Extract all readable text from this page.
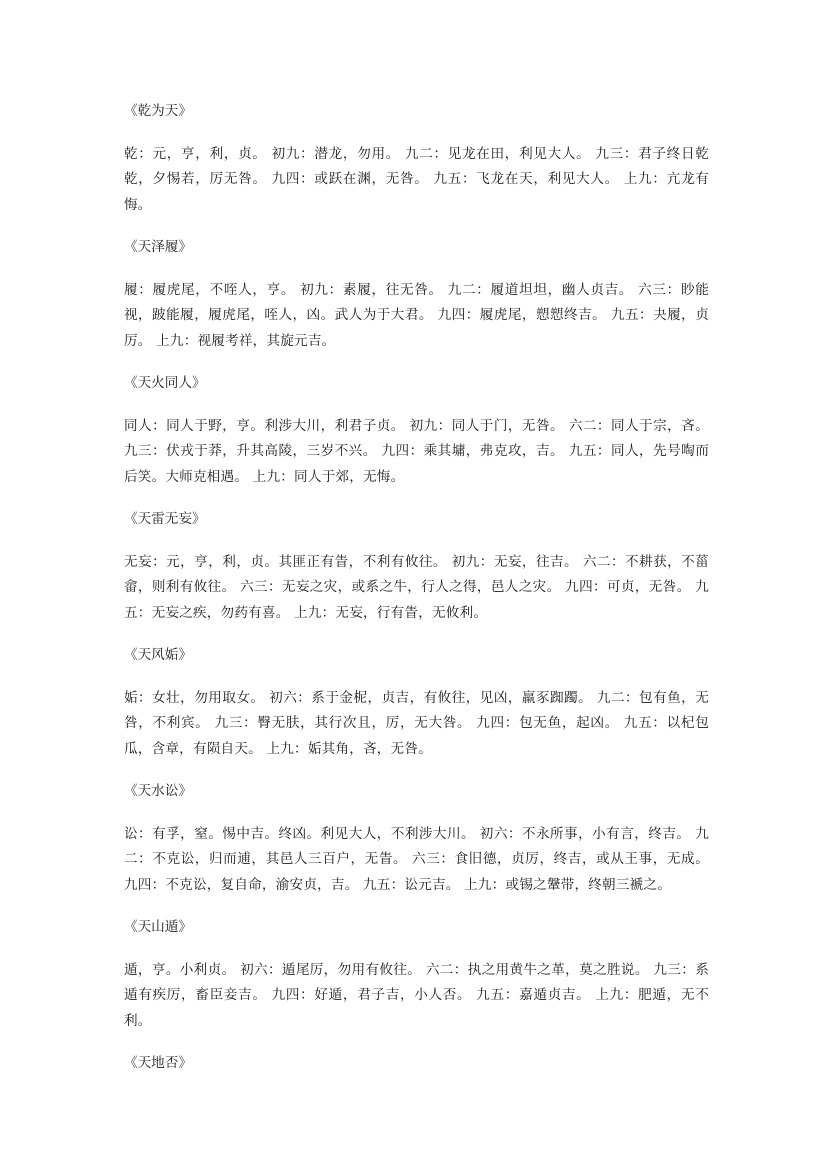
《乾为天》

乾：元，亨，利，贞。 初九：潜龙，勿用。 九二：见龙在田，利见大人。 九三：君子终日乾乾，夕惕若，厉无咎。 九四：或跃在渊，无咎。 九五：飞龙在天，利见大人。 上九：亢龙有悔。

《天泽履》

履：履虎尾，不咥人，亨。 初九：素履，往无咎。 九二：履道坦坦，幽人贞吉。 六三：眇能视，跛能履，履虎尾，咥人，凶。武人为于大君。 九四：履虎尾，愬愬终吉。 九五：夬履，贞厉。 上九：视履考祥，其旋元吉。

《天火同人》

同人：同人于野，亨。利涉大川，利君子贞。 初九：同人于门，无咎。 六二：同人于宗，吝。 九三：伏戎于莽，升其高陵，三岁不兴。 九四：乘其墉，弗克攻，吉。 九五：同人，先号啕而后笑。大师克相遇。 上九：同人于郊，无悔。

《天雷无妄》

无妄：元，亨，利，贞。其匪正有眚，不利有攸往。 初九：无妄，往吉。 六二：不耕获，不菑畲，则利有攸往。 六三：无妄之灾，或系之牛，行人之得，邑人之灾。 九四：可贞，无咎。 九五：无妄之疾，勿药有喜。 上九：无妄，行有眚，无攸利。

《天风姤》

姤：女壮，勿用取女。 初六：系于金柅，贞吉，有攸往，见凶，羸豕踟躅。 九二：包有鱼，无咎，不利宾。 九三：臀无肤，其行次且，厉，无大咎。 九四：包无鱼，起凶。 九五：以杞包瓜，含章，有陨自天。 上九：姤其角，吝，无咎。

《天水讼》

讼：有孚，窒。惕中吉。终凶。利见大人，不利涉大川。 初六：不永所事，小有言，终吉。 九二：不克讼，归而逋，其邑人三百户，无眚。 六三：食旧德，贞厉，终吉，或从王事，无成。 九四：不克讼，复自命，渝安贞，吉。 九五：讼元吉。 上九：或锡之鞶带，终朝三褫之。

《天山遁》

遁，亨。小利贞。 初六：遁尾厉，勿用有攸往。 六二：执之用黄牛之革，莫之胜说。 九三：系遁有疾厉，畜臣妾吉。 九四：好遁，君子吉，小人否。 九五：嘉遁贞吉。 上九：肥遁，无不利。

《天地否》
